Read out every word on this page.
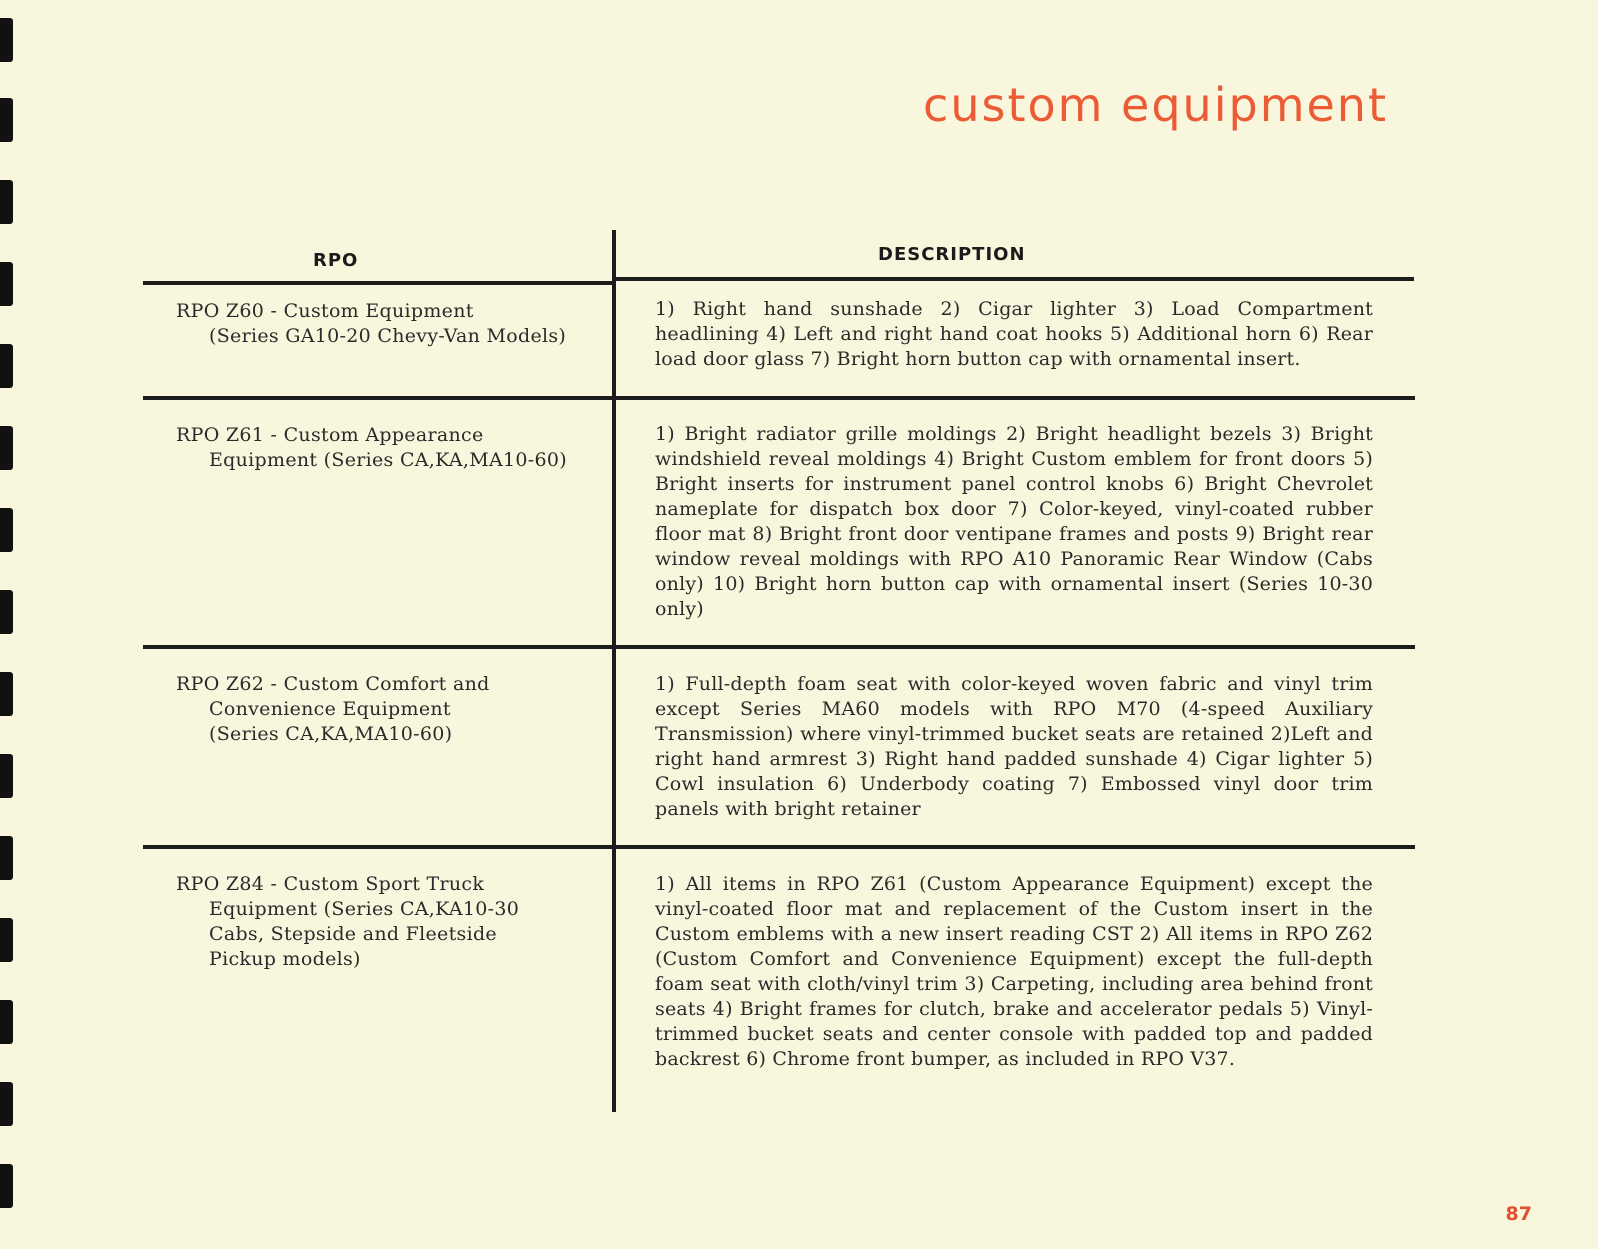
custom equipment
RPO	DESCRIPTION
RPO Z60 - Custom Equipment
(Series GA10-20 Chevy-Van Models)
1) Right hand sunshade 2) Cigar lighter 3) Load Compartment headlining 4) Left and right hand coat hooks 5) Additional horn 6) Rear load door glass 7) Bright horn button cap with ornamental insert.
RPO Z61 - Custom Appearance
Equipment (Series CA,KA,MA10-60)
1) Bright radiator grille moldings 2) Bright headlight bezels 3) Bright windshield reveal moldings 4) Bright Custom emblem for front doors 5) Bright inserts for instrument panel control knobs 6) Bright Chevrolet nameplate for dispatch box door 7) Color-keyed, vinyl-coated rubber floor mat 8) Bright front door ventipane frames and posts 9) Bright rear window reveal moldings with RPO A10 Panoramic Rear Window (Cabs only) 10) Bright horn button cap with ornamental insert (Series 10-30 only)
RPO Z62 - Custom Comfort and
Convenience Equipment (Series CA,KA,MA10-60)
1) Full-depth foam seat with color-keyed woven fabric and vinyl trim except Series MA60 models with RPO M70 (4-speed Auxiliary Transmission) where vinyl-trimmed bucket seats are retained 2)Left and right hand armrest 3) Right hand padded sunshade 4) Cigar lighter 5) Cowl insulation 6) Underbody coating 7) Embossed vinyl door trim panels with bright retainer
RPO Z84 - Custom Sport Truck
Equipment (Series CA,KA10-30 Cabs, Stepside and Fleetside Pickup models)
1) All items in RPO Z61 (Custom Appearance Equipment) except the vinyl-coated floor mat and replacement of the Custom insert in the Custom emblems with a new insert reading CST 2) All items in RPO Z62 (Custom Comfort and Convenience Equipment) except the full-depth foam seat with cloth/vinyl trim 3) Carpeting, including area behind front seats 4) Bright frames for clutch, brake and accelerator pedals 5) Vinyl-trimmed bucket seats and center console with padded top and padded backrest 6) Chrome front bumper, as included in RPO V37.
87
